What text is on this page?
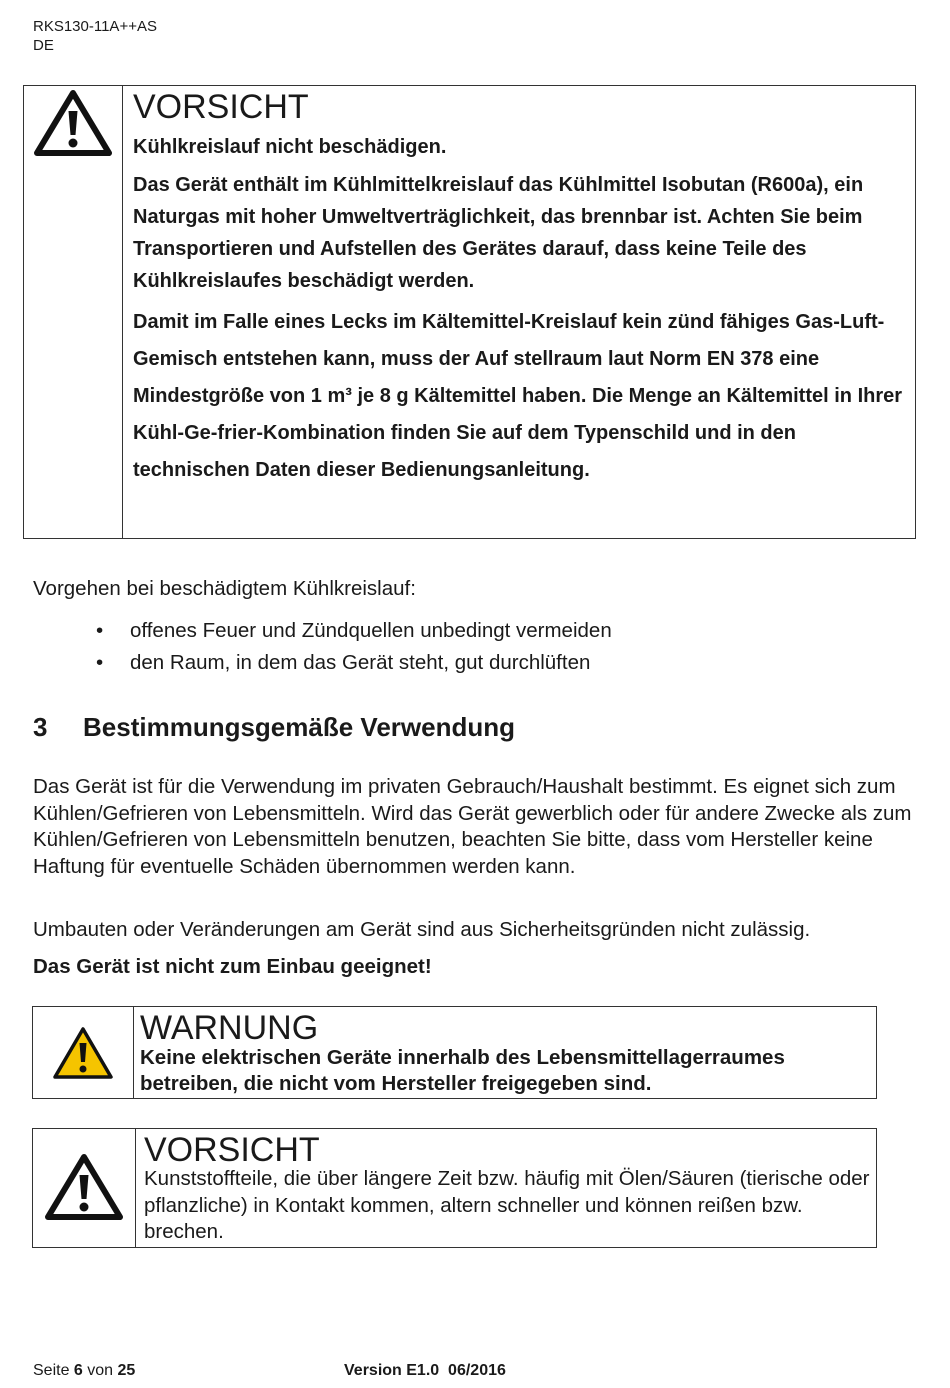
RKS130-11A++AS
DE
VORSICHT
Kühlkreislauf nicht beschädigen.
Das Gerät enthält im Kühlmittelkreislauf das Kühlmittel Isobutan (R600a), ein Naturgas mit hoher Umweltverträglichkeit, das brennbar ist. Achten Sie beim Transportieren und Aufstellen des Gerätes darauf, dass keine Teile des Kühlkreislaufes beschädigt werden.
Damit im Falle eines Lecks im Kältemittel-Kreislauf kein zünd fähiges Gas-Luft-Gemisch entstehen kann, muss der Auf stellraum laut Norm EN 378 eine Mindestgröße von 1 m³ je 8 g Kältemittel haben. Die Menge an Kältemittel in Ihrer Kühl-Ge-frier-Kombination finden Sie auf dem Typenschild und in den technischen Daten dieser Bedienungsanleitung.
Vorgehen bei beschädigtem Kühlkreislauf:
• offenes Feuer und Zündquellen unbedingt vermeiden
• den Raum, in dem das Gerät steht, gut durchlüften
3 Bestimmungsgemäße Verwendung
Das Gerät ist für die Verwendung im privaten Gebrauch/Haushalt bestimmt. Es eignet sich zum Kühlen/Gefrieren von Lebensmitteln. Wird das Gerät gewerblich oder für andere Zwecke als zum Kühlen/Gefrieren von Lebensmitteln benutzen, beachten Sie bitte, dass vom Hersteller keine Haftung für eventuelle Schäden übernommen werden kann.
Umbauten oder Veränderungen am Gerät sind aus Sicherheitsgründen nicht zulässig.
Das Gerät ist nicht zum Einbau geeignet!
WARNUNG
Keine elektrischen Geräte innerhalb des Lebensmittellagerraumes betreiben, die nicht vom Hersteller freigegeben sind.
VORSICHT
Kunststoffteile, die über längere Zeit bzw. häufig mit Ölen/Säuren (tierische oder pflanzliche) in Kontakt kommen, altern schneller und können reißen bzw. brechen.
Seite 6 von 25	Version E1.0  06/2016
